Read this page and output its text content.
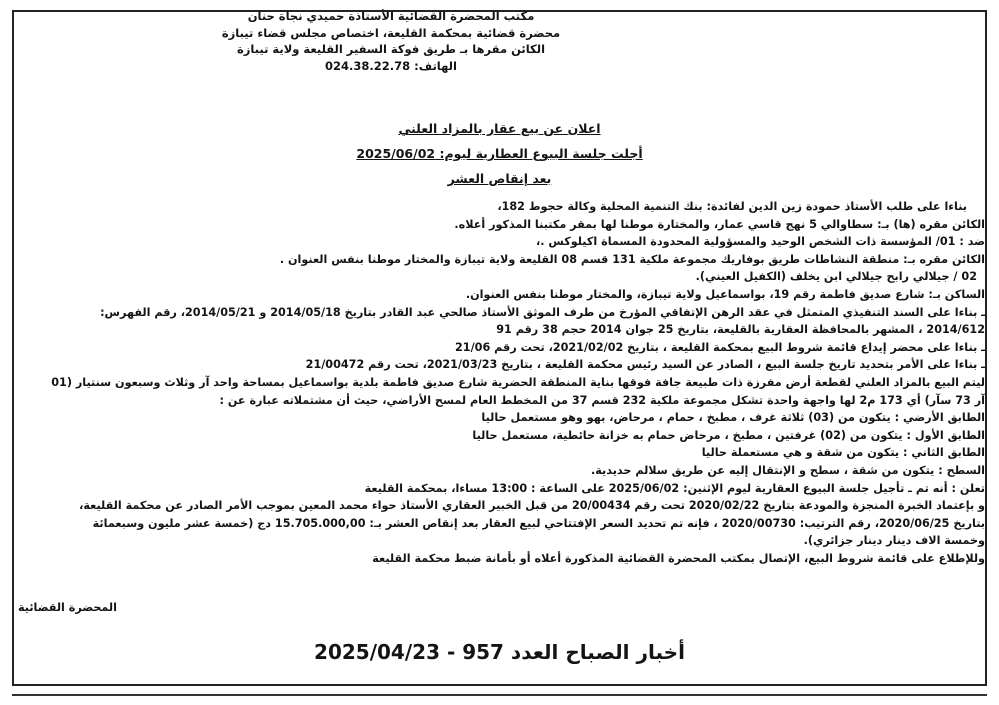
مكتب المحضرة القضائية الأستاذة حميدي نجاة حنان
محضرة قضائية بمحكمة القليعة، اختصاص مجلس قضاء تيبازة
الكائن مقرها بـ طريق فوكة السفير القليعة ولاية تيبازة
الهاتف: 024.38.22.78
اعلان عن بيع عقار بالمزاد العلني
أجلت جلسة البيوع العطارية ليوم: 2025/06/02
بعد إنقاص العشر

بناءا على طلب الأستاذ حمودة زين الدين لفائدة: بنك التنمية المحلية وكالة حجوط 182،

الكائن مقره (ها) بـ: سطاوالي 5 نهج قاسي عمار، والمختارة موطنا لها بمقر مكتبنا المذكور أعلاه.

ضد : 01/ المؤسسة ذات الشخص الوحيد والمسؤولية المحدودة المسماة اكيلوكس .،

الكائن مقره بـ: منطقة النشاطات طريق بوفاريك مجموعة ملكية 131 قسم 08 القليعة ولاية تيبازة والمختار موطنا بنفس العنوان .

02 / جيلالي رابح جيلالي ابن يخلف (الكفيل العيني).

الساكن بـ: شارع صديق فاطمة رقم 19، بواسماعيل ولاية تيبازة، والمختار موطنا بنفس العنوان.

ـ بناءا على السند التنفيذي المتمثل في عقد الرهن الإتفاقي المؤرخ من طرف الموثق الأستاذ صالحي عبد القادر بتاريخ 2014/05/18 و 2014/05/21، رقم الفهرس:

2014/612 ، المشهر بالمحافظة العقارية بالقليعة، بتاريخ 25 جوان 2014 حجم 38 رقم 91

ـ بناءا على محضر إيداع قائمة شروط البيع بمحكمة القليعة ، بتاريخ 2021/02/02، تحت رقم 21/06

ـ بناءا على الأمر بتحديد تاريخ جلسة البيع ، الصادر عن السيد رئيس محكمة القليعة ، بتاريخ 2021/03/23، تحت رقم 21/00472

ليتم البيع بالمزاد العلني لقطعة أرض مفرزة ذات طبيعة جافة فوقها بناية المنطقة الحضرية شارع صديق فاطمة بلدية بواسماعيل بمساحة واحد آر وثلاث وسبعون سنتيار (01

آر 73 سآر) أي 173 م2 لها واجهة واحدة تشكل مجموعة ملكية 232 قسم 37 من المخطط العام لمسح الأراضي، حيث أن مشتملاته عبارة عن :

الطابق الأرضي : يتكون من (03) ثلاثة غرف ، مطبخ ، حمام ، مرحاض، بهو وهو مستعمل حاليا

الطابق الأول : يتكون من (02) غرفتين ، مطبخ ، مرحاض حمام به خزانة حائطية، مستعمل حاليا

الطابق الثاني : يتكون من شقة و هي مستعملة حاليا

السطح : يتكون من شقة ، سطح و الإنتقال إليه عن طريق سلالم حديدية.

تعلن : أنه تم ـ تأجيل جلسة البيوع العقارية ليوم الإثنين: 2025/06/02 على الساعة : 13:00 مساءا، بمحكمة القليعة

و بإعتماد الخبرة المنجزة والمودعة بتاريخ 2020/02/22 تحت رقم 20/00434 من قبل الخبير العقاري الأستاذ حواء محمد المعين بموجب الأمر الصادر عن محكمة القليعة،

بتاريخ 2020/06/25، رقم الترتيب: 2020/00730 ، فإنه تم تحديد السعر الإفتتاحي لبيع العقار بعد إنقاص العشر بـ: 15.705.000,00 دج (خمسة عشر مليون وسبعمائة

وخمسة الاف دينار دينار جزائري).

وللإطلاع على قائمة شروط البيع، الإتصال بمكتب المحضرة القضائية المذكورة أعلاه أو بأمانة ضبط محكمة القليعة

المحضرة القضائية
أخبار الصباح العدد 957 - 2025/04/23
